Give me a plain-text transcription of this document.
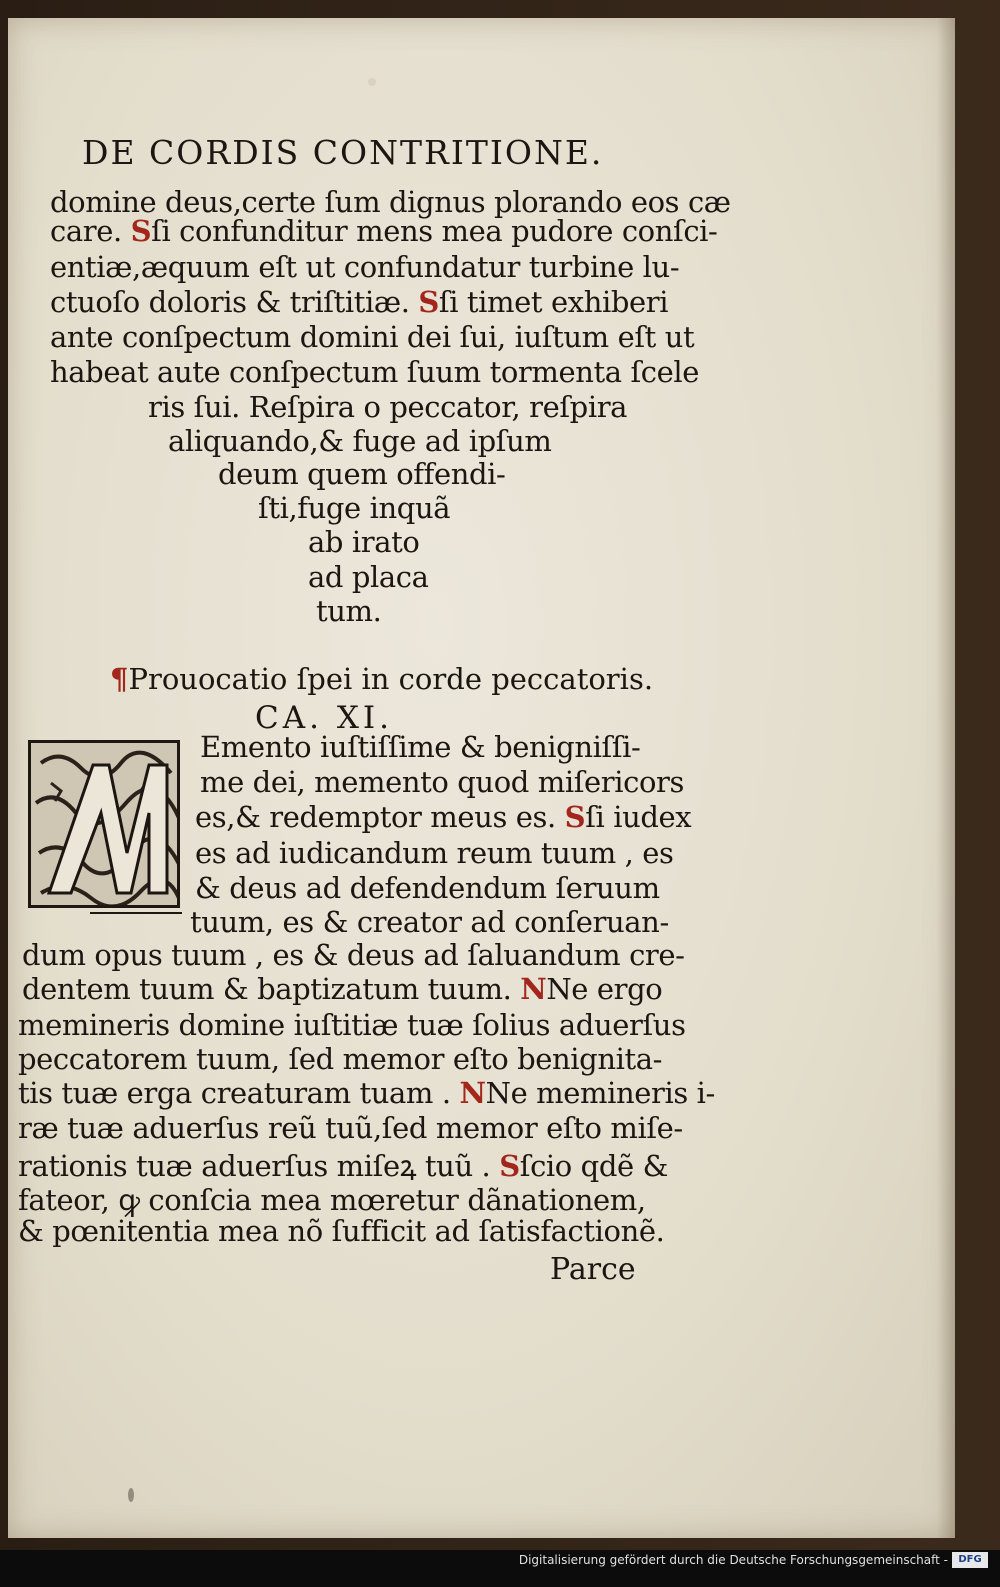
DE CORDIS CONTRITIONE.
domine deus,certe ſum dignus plorando eos cæ
care. Sſi confunditur mens mea pudore conſci-
entiæ,æquum eſt ut confundatur turbine lu-
ctuoſo doloris & triſtitiæ. Sſi timet exhiberi
ante conſpectum domini dei ſui, iuſtum eſt ut
habeat aute conſpectum ſuum tormenta ſcele
ris ſui. Reſpira o peccator, reſpira
aliquando,& fuge ad ipſum
deum quem offendi-
ſti,fuge inquã
ab irato
ad placa
tum.
¶Prouocatio ſpei in corde peccatoris.
CA. XI.
Emento iuſtiſſime & benigniſſi-
me dei, memento quod miſericors
es,& redemptor meus es. Sſi iudex
es ad iudicandum reum tuum , es
& deus ad defendendum ſeruum
tuum, es & creator ad conſeruan-
dum opus tuum , es & deus ad ſaluandum cre-
dentem tuum & baptizatum tuum. NNe ergo
memineris domine iuſtitiæ tuæ ſolius aduerſus
peccatorem tuum, ſed memor eſto benignita-
tis tuæ erga creaturam tuam . NNe memineris i-
ræ tuæ aduerſus reũ tuũ,ſed memor eſto miſe-
rationis tuæ aduerſus miſeꝝ tuũ . Sſcio qdẽ &
fateor, ꝙ conſcia mea mœretur dãnationem,
& pœnitentia mea nõ ſufficit ad ſatisfactionẽ.
Parce
Digitalisierung gefördert durch die Deutsche Forschungsgemeinschaft -	DFG
